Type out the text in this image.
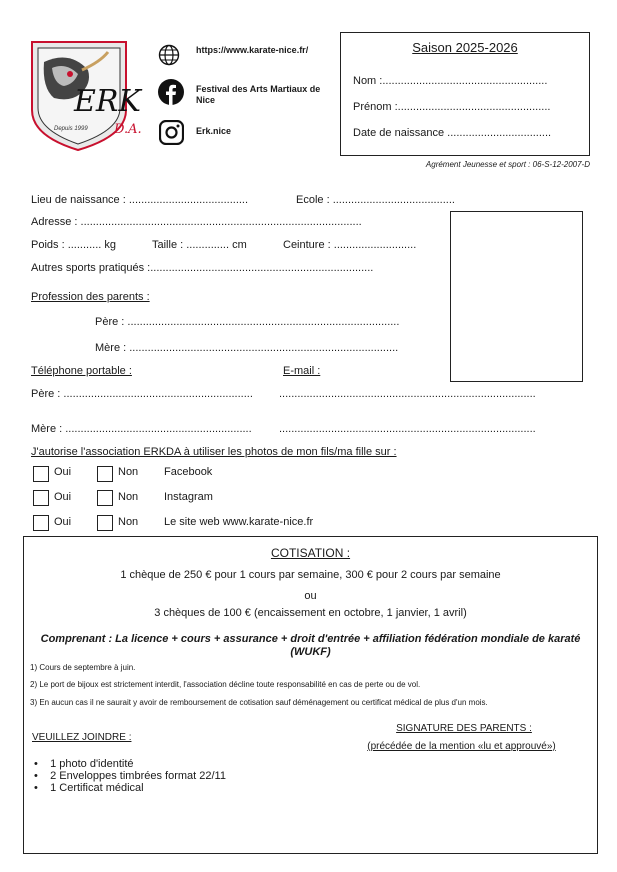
ERK
D.A.
Depuis 1999
https://www.karate-nice.fr/
Festival des Arts Martiaux de Nice
Erk.nice
Saison 2025-2026
Nom :......................................................
Prénom :..................................................
Date de naissance ..................................
Agrément Jeunesse et sport : 06-S-12-2007-D
Lieu de naissance : .......................................	Ecole : ........................................
Adresse : ............................................................................................
Poids : ........... kg	Taille : .............. cm	Ceinture : ...........................
Autres sports pratiqués :.........................................................................
Profession des parents :
Père : .........................................................................................
Mère : ........................................................................................
Téléphone portable :	E-mail :
Père : .............................................................. ....................................................................................
Mère : ............................................................. ....................................................................................
J'autorise l'association ERKDA à utiliser les photos de mon fils/ma fille sur :
Oui	Non Facebook
Oui	Non Instagram
Oui	Non Le site web www.karate-nice.fr
COTISATION :
1 chèque de 250 € pour 1 cours par semaine, 300 € pour 2 cours par semaine
ou
3 chèques de 100 € (encaissement en octobre, 1 janvier, 1 avril)
Comprenant : La licence + cours + assurance + droit d'entrée + affiliation fédération mondiale de karaté (WUKF)
1) Cours de septembre à juin.
2) Le port de bijoux est strictement interdit, l'association décline toute responsabilité en cas de perte ou de vol.
3) En aucun cas il ne saurait y avoir de remboursement de cotisation sauf déménagement ou certificat médical de plus d'un mois.
VEUILLEZ JOINDRE :
•    1 photo d'identité
•    2 Enveloppes timbrées format 22/11
•    1 Certificat médical
SIGNATURE DES PARENTS :
(précédée de la mention «lu et approuvé»)
